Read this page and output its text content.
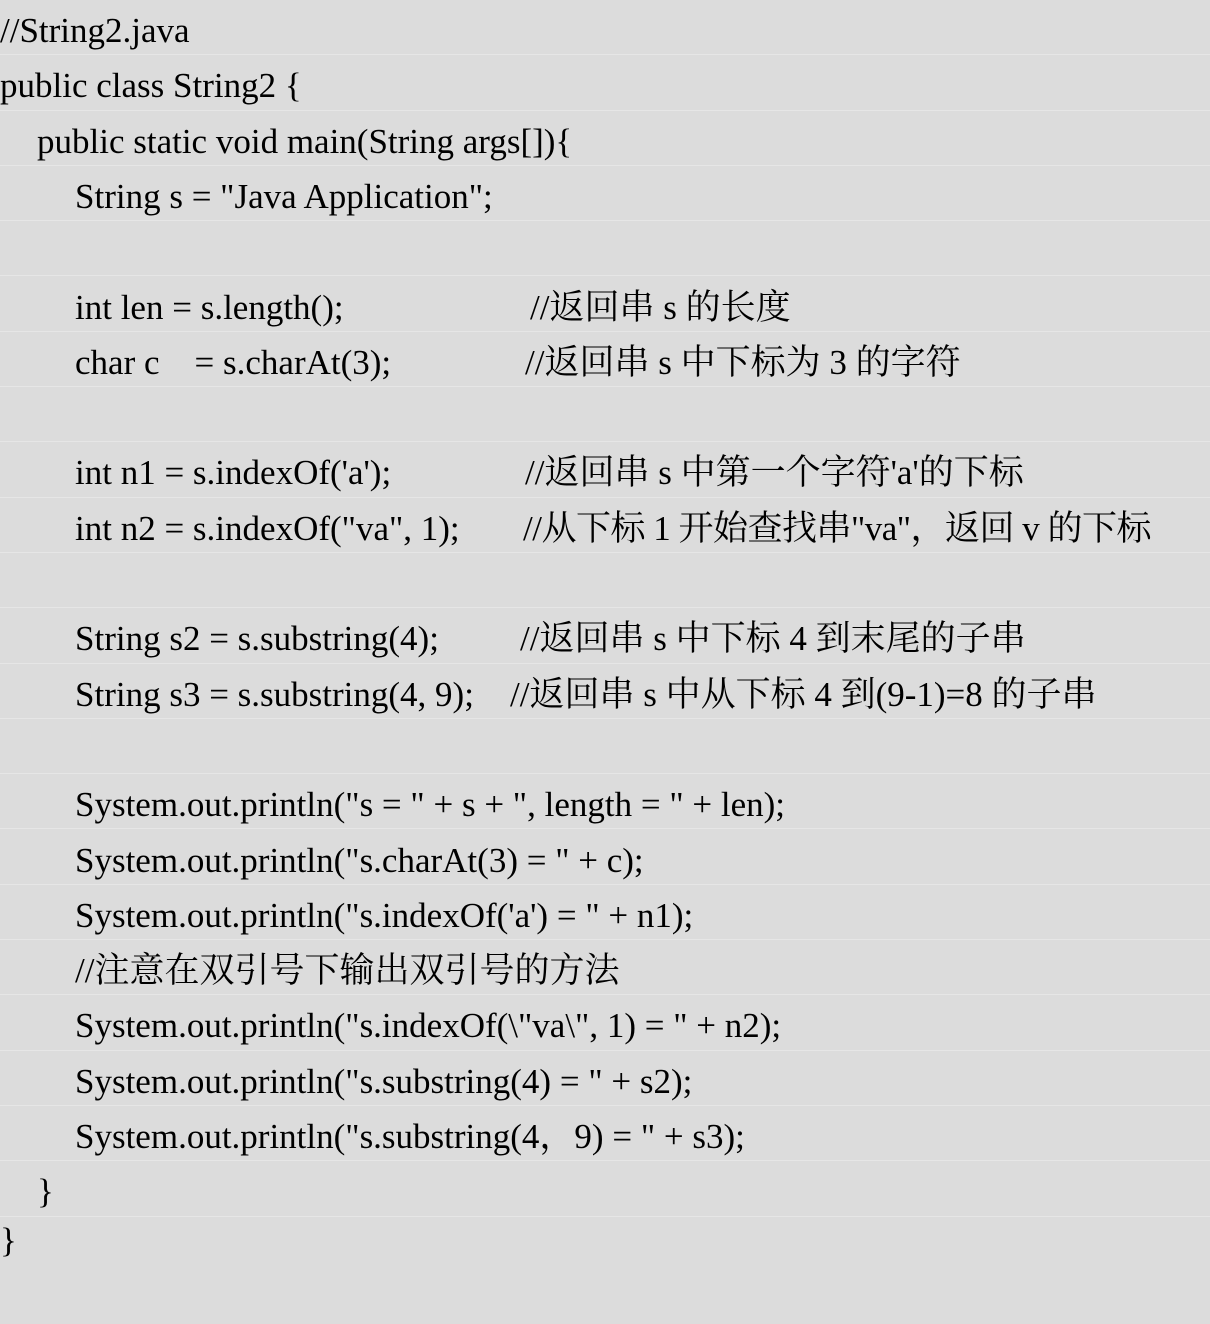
//String2.java

public class String2 {

public static void main(String args[]){

String s = "Java Application";

int len = s.length();

	//返回串 s 的长度

char c    = s.charAt(3);

	//返回串 s 中下标为 3 的字符

int n1 = s.indexOf('a');

	//返回串 s 中第一个字符'a'的下标

int n2 = s.indexOf("va", 1);

//从下标 1 开始查找串"va"，返回 v 的下标

String s2 = s.substring(4);

//返回串 s 中下标 4 到末尾的子串

String s3 = s.substring(4, 9);

//返回串 s 中从下标 4 到(9-1)=8 的子串

System.out.println("s = " + s + ", length = " + len);

System.out.println("s.charAt(3) = " + c);

System.out.println("s.indexOf('a') = " + n1);

//注意在双引号下输出双引号的方法

System.out.println("s.indexOf(\"va\", 1) = " + n2);

System.out.println("s.substring(4) = " + s2);

System.out.println("s.substring(4，9) = " + s3);

}

}
